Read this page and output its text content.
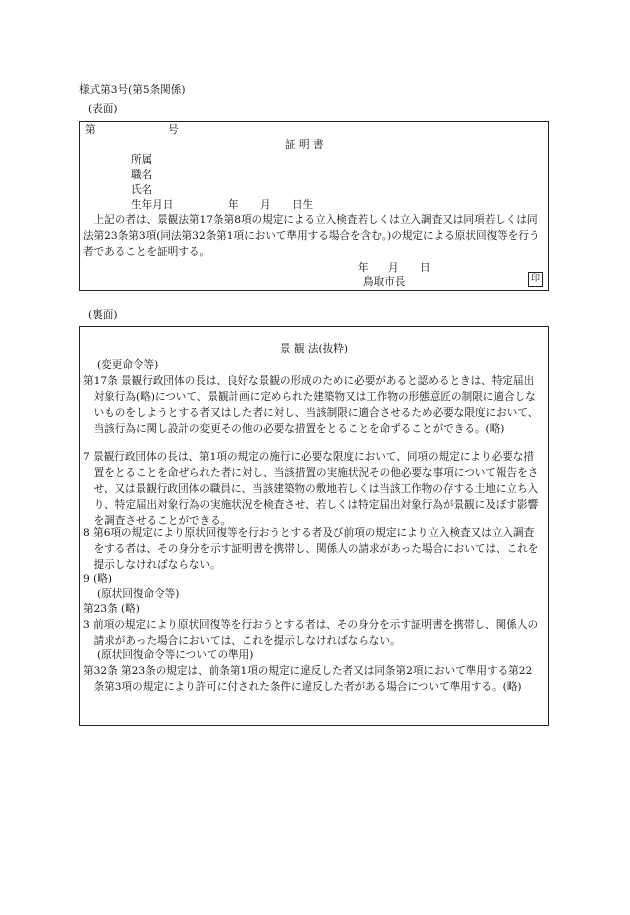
様式第3号(第5条関係)
(表面)
第	号
証 明 書
所属
職名
氏名
生年月日	年 月 日生
上記の者は、景観法第17条第8項の規定による立入検査若しくは立入調査又は同項若しくは同法第23条第3項(同法第32条第1項において準用する場合を含む。)の規定による原状回復等を行う者であることを証明する。
年 月 日
鳥取市長	印
(裏面)
景 観 法(抜粋)
(変更命令等)
第17条 景観行政団体の長は、良好な景観の形成のために必要があると認めるときは、特定届出対象行為(略)について、景観計画に定められた建築物又は工作物の形態意匠の制限に適合しないものをしようとする者又はした者に対し、当該制限に適合させるため必要な限度において、当該行為に関し設計の変更その他の必要な措置をとることを命ずることができる。(略)
7 景観行政団体の長は、第1項の規定の施行に必要な限度において、同項の規定により必要な措置をとることを命ぜられた者に対し、当該措置の実施状況その他必要な事項について報告をさせ、又は景観行政団体の職員に、当該建築物の敷地若しくは当該工作物の存する土地に立ち入り、特定届出対象行為の実施状況を検査させ、若しくは特定届出対象行為が景観に及ぼす影響を調査させることができる。
8 第6項の規定により原状回復等を行おうとする者及び前項の規定により立入検査又は立入調査をする者は、その身分を示す証明書を携帯し、関係人の請求があった場合においては、これを提示しなければならない。
9 (略)
(原状回復命令等)
第23条 (略)
3 前項の規定により原状回復等を行おうとする者は、その身分を示す証明書を携帯し、関係人の請求があった場合においては、これを提示しなければならない。
(原状回復命令等についての準用)
第32条 第23条の規定は、前条第1項の規定に違反した者又は同条第2項において準用する第22条第3項の規定により許可に付された条件に違反した者がある場合について準用する。(略)
